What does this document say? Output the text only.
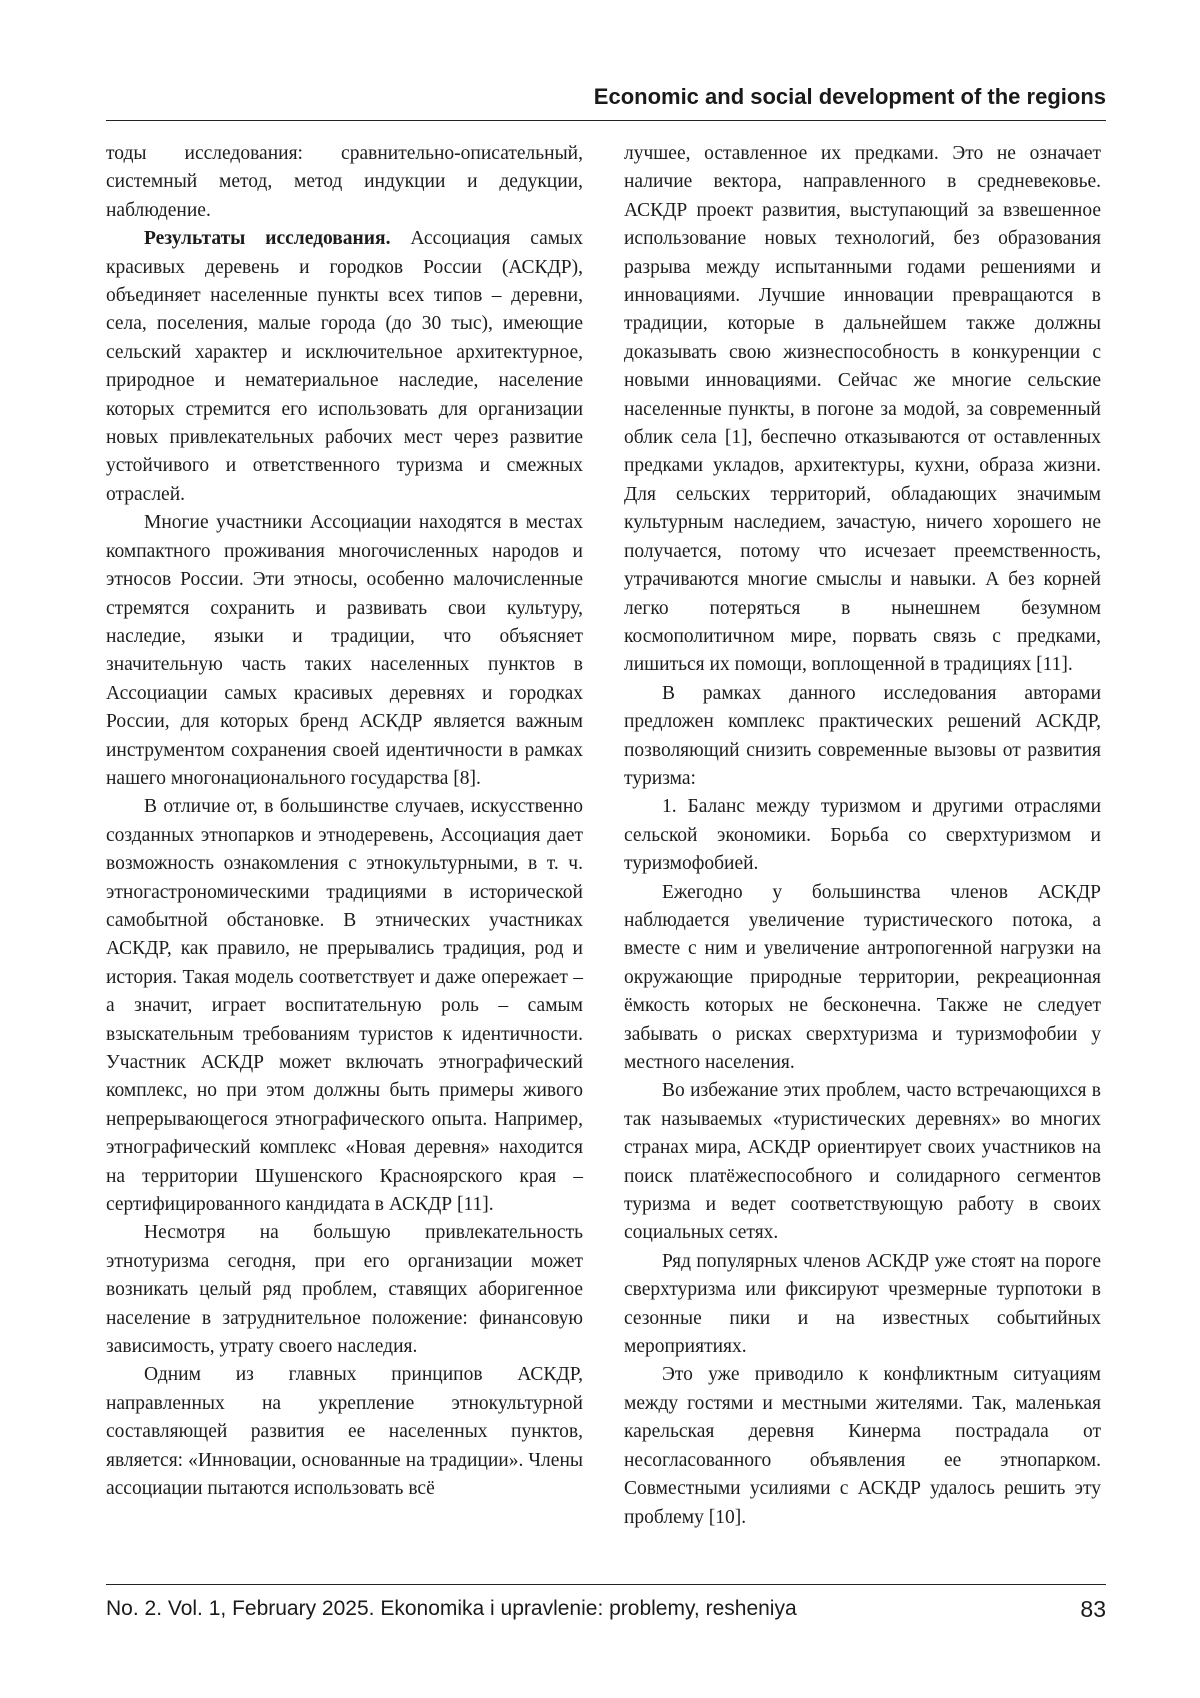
Economic and social development of the regions

тоды исследования: сравнительно-описательный, системный метод, метод индукции и дедукции, наблюдение.

Результаты исследования. Ассоциация самых красивых деревень и городков России (АСКДР), объединяет населенные пункты всех типов – деревни, села, поселения, малые города (до 30 тыс), имеющие сельский характер и исключительное архитектурное, природное и нематериальное наследие, население которых стремится его использовать для организации новых привлекательных рабочих мест через развитие устойчивого и ответственного туризма и смежных отраслей.

Многие участники Ассоциации находятся в местах компактного проживания многочисленных народов и этносов России. Эти этносы, особенно малочисленные стремятся сохранить и развивать свои культуру, наследие, языки и традиции, что объясняет значительную часть таких населенных пунктов в Ассоциации самых красивых деревнях и городках России, для которых бренд АСКДР является важным инструментом сохранения своей идентичности в рамках нашего многонационального государства [8].

В отличие от, в большинстве случаев, искусственно созданных этнопарков и этнодеревень, Ассоциация дает возможность ознакомления с этнокультурными, в т. ч. этногастрономическими традициями в исторической самобытной обстановке. В этнических участниках АСКДР, как правило, не прерывались традиция, род и история. Такая модель соответствует и даже опережает – а значит, играет воспитательную роль – самым взыскательным требованиям туристов к идентичности. Участник АСКДР может включать этнографический комплекс, но при этом должны быть примеры живого непрерывающегося этнографического опыта. Например, этнографический комплекс «Новая деревня» находится на территории Шушенского Красноярского края – сертифицированного кандидата в АСКДР [11].

Несмотря на большую привлекательность этнотуризма сегодня, при его организации может возникать целый ряд проблем, ставящих аборигенное население в затруднительное положение: финансовую зависимость, утрату своего наследия.

Одним из главных принципов АСКДР, направленных на укрепление этнокультурной составляющей развития ее населенных пунктов, является: «Инновации, основанные на традиции». Члены ассоциации пытаются использовать всё

лучшее, оставленное их предками. Это не означает наличие вектора, направленного в средневековье. АСКДР проект развития, выступающий за взвешенное использование новых технологий, без образования разрыва между испытанными годами решениями и инновациями. Лучшие инновации превращаются в традиции, которые в дальнейшем также должны доказывать свою жизнеспособность в конкуренции с новыми инновациями. Сейчас же многие сельские населенные пункты, в погоне за модой, за современный облик села [1], беспечно отказываются от оставленных предками укладов, архитектуры, кухни, образа жизни. Для сельских территорий, обладающих значимым культурным наследием, зачастую, ничего хорошего не получается, потому что исчезает преемственность, утрачиваются многие смыслы и навыки. А без корней легко потеряться в нынешнем безумном космополитичном мире, порвать связь с предками, лишиться их помощи, воплощенной в традициях [11].

В рамках данного исследования авторами предложен комплекс практических решений АСКДР, позволяющий снизить современные вызовы от развития туризма:

1. Баланс между туризмом и другими отраслями сельской экономики. Борьба со сверхтуризмом и туризмофобией.

Ежегодно у большинства членов АСКДР наблюдается увеличение туристического потока, а вместе с ним и увеличение антропогенной нагрузки на окружающие природные территории, рекреационная ёмкость которых не бесконечна. Также не следует забывать о рисках сверхтуризма и туризмофобии у местного населения.

Во избежание этих проблем, часто встречающихся в так называемых «туристических деревнях» во многих странах мира, АСКДР ориентирует своих участников на поиск платёжеспособного и солидарного сегментов туризма и ведет соответствующую работу в своих социальных сетях.

Ряд популярных членов АСКДР уже стоят на пороге сверхтуризма или фиксируют чрезмерные турпотоки в сезонные пики и на известных событийных мероприятиях.

Это уже приводило к конфликтным ситуациям между гостями и местными жителями. Так, маленькая карельская деревня Кинерма пострадала от несогласованного объявления ее этнопарком. Совместными усилиями с АСКДР удалось решить эту проблему [10].

No. 2. Vol. 1, February 2025. Ekonomika i upravlenie: problemy, resheniya	83
